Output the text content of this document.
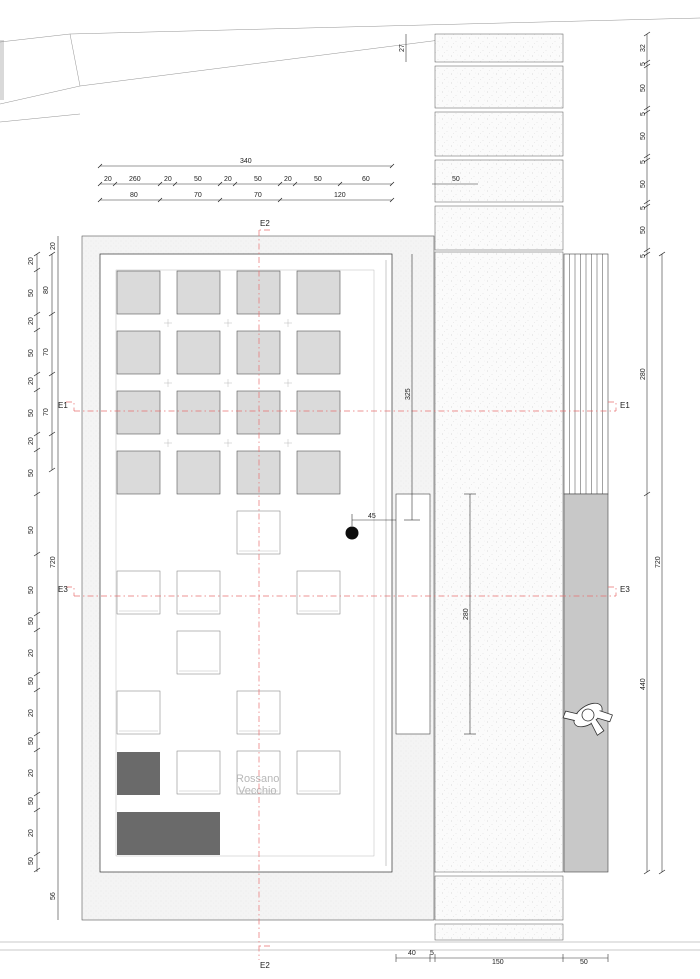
Rossano
Vecchio
E1	E1
E3	E3
E2
E2
340
20 260	20	50	20	50	20	50	60
80	70	70	120
27
50
20
50
20
50
20
50
20
50
50
50
50
20
50
20
50
20
50
20
50
80
70
70
720
20
56
32
5
50
5
50
5
50
5
50
5
280
440
720
325
45
280
40 5
150	50
